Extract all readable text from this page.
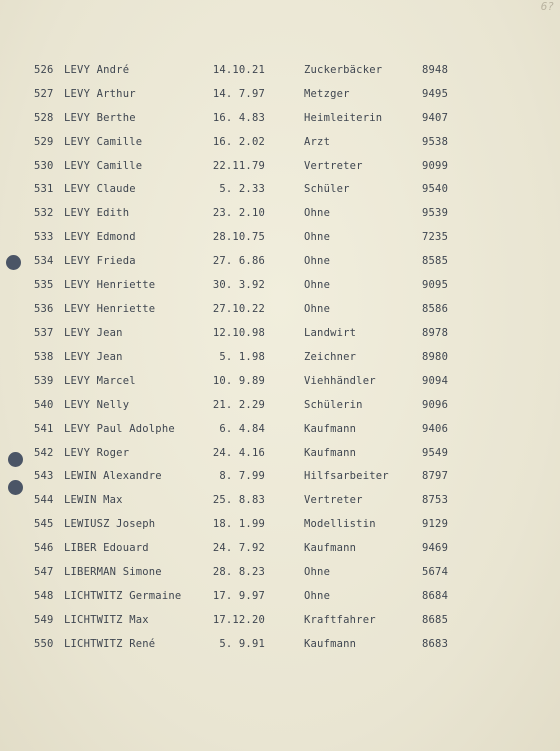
6?
526 LEVY André	14.10.21	Zuckerbäcker	8948
527 LEVY Arthur	14. 7.97	Metzger	9495
528 LEVY Berthe	16. 4.83	Heimleiterin	9407
529 LEVY Camille	16. 2.02	Arzt	9538
530 LEVY Camille	22.11.79	Vertreter	9099
531 LEVY Claude	5. 2.33	Schüler	9540
532 LEVY Edith	23. 2.10	Ohne	9539
533 LEVY Edmond	28.10.75	Ohne	7235
534 LEVY Frieda	27. 6.86	Ohne	8585
535 LEVY Henriette	30. 3.92	Ohne	9095
536 LEVY Henriette	27.10.22	Ohne	8586
537 LEVY Jean	12.10.98	Landwirt	8978
538 LEVY Jean	5. 1.98	Zeichner	8980
539 LEVY Marcel	10. 9.89	Viehhändler	9094
540 LEVY Nelly	21. 2.29	Schülerin	9096
541 LEVY Paul Adolphe	6. 4.84	Kaufmann	9406
542 LEVY Roger	24. 4.16	Kaufmann	9549
543 LEWIN Alexandre	8. 7.99	Hilfsarbeiter	8797
544 LEWIN Max	25. 8.83	Vertreter	8753
545 LEWIUSZ Joseph	18. 1.99	Modellistin	9129
546 LIBER Edouard	24. 7.92	Kaufmann	9469
547 LIBERMAN Simone	28. 8.23	Ohne	5674
548 LICHTWITZ Germaine	17. 9.97	Ohne	8684
549 LICHTWITZ Max	17.12.20	Kraftfahrer	8685
550 LICHTWITZ René	5. 9.91	Kaufmann	8683
